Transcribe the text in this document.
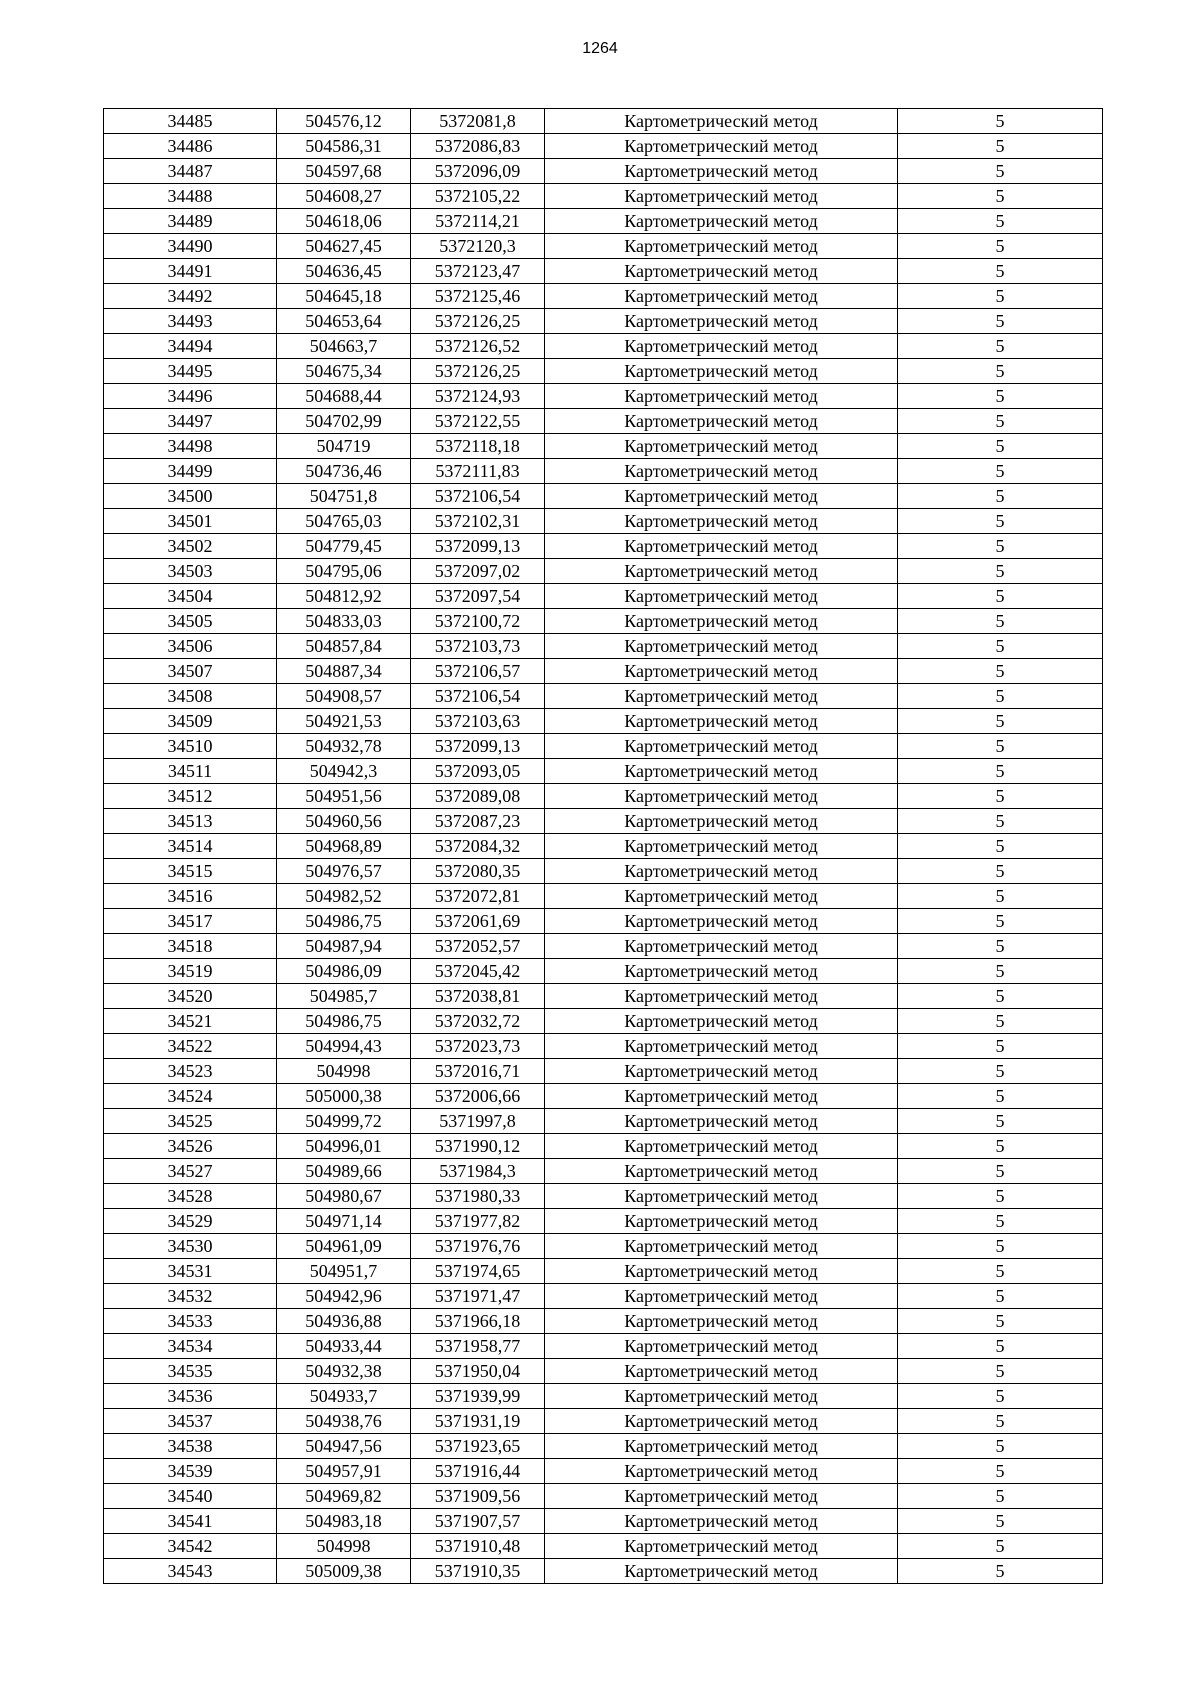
1264
34485	504576,12	5372081,8	Картометрический метод	5
34486	504586,31	5372086,83	Картометрический метод	5
34487	504597,68	5372096,09	Картометрический метод	5
34488	504608,27	5372105,22	Картометрический метод	5
34489	504618,06	5372114,21	Картометрический метод	5
34490	504627,45	5372120,3	Картометрический метод	5
34491	504636,45	5372123,47	Картометрический метод	5
34492	504645,18	5372125,46	Картометрический метод	5
34493	504653,64	5372126,25	Картометрический метод	5
34494	504663,7	5372126,52	Картометрический метод	5
34495	504675,34	5372126,25	Картометрический метод	5
34496	504688,44	5372124,93	Картометрический метод	5
34497	504702,99	5372122,55	Картометрический метод	5
34498	504719	5372118,18	Картометрический метод	5
34499	504736,46	5372111,83	Картометрический метод	5
34500	504751,8	5372106,54	Картометрический метод	5
34501	504765,03	5372102,31	Картометрический метод	5
34502	504779,45	5372099,13	Картометрический метод	5
34503	504795,06	5372097,02	Картометрический метод	5
34504	504812,92	5372097,54	Картометрический метод	5
34505	504833,03	5372100,72	Картометрический метод	5
34506	504857,84	5372103,73	Картометрический метод	5
34507	504887,34	5372106,57	Картометрический метод	5
34508	504908,57	5372106,54	Картометрический метод	5
34509	504921,53	5372103,63	Картометрический метод	5
34510	504932,78	5372099,13	Картометрический метод	5
34511	504942,3	5372093,05	Картометрический метод	5
34512	504951,56	5372089,08	Картометрический метод	5
34513	504960,56	5372087,23	Картометрический метод	5
34514	504968,89	5372084,32	Картометрический метод	5
34515	504976,57	5372080,35	Картометрический метод	5
34516	504982,52	5372072,81	Картометрический метод	5
34517	504986,75	5372061,69	Картометрический метод	5
34518	504987,94	5372052,57	Картометрический метод	5
34519	504986,09	5372045,42	Картометрический метод	5
34520	504985,7	5372038,81	Картометрический метод	5
34521	504986,75	5372032,72	Картометрический метод	5
34522	504994,43	5372023,73	Картометрический метод	5
34523	504998	5372016,71	Картометрический метод	5
34524	505000,38	5372006,66	Картометрический метод	5
34525	504999,72	5371997,8	Картометрический метод	5
34526	504996,01	5371990,12	Картометрический метод	5
34527	504989,66	5371984,3	Картометрический метод	5
34528	504980,67	5371980,33	Картометрический метод	5
34529	504971,14	5371977,82	Картометрический метод	5
34530	504961,09	5371976,76	Картометрический метод	5
34531	504951,7	5371974,65	Картометрический метод	5
34532	504942,96	5371971,47	Картометрический метод	5
34533	504936,88	5371966,18	Картометрический метод	5
34534	504933,44	5371958,77	Картометрический метод	5
34535	504932,38	5371950,04	Картометрический метод	5
34536	504933,7	5371939,99	Картометрический метод	5
34537	504938,76	5371931,19	Картометрический метод	5
34538	504947,56	5371923,65	Картометрический метод	5
34539	504957,91	5371916,44	Картометрический метод	5
34540	504969,82	5371909,56	Картометрический метод	5
34541	504983,18	5371907,57	Картометрический метод	5
34542	504998	5371910,48	Картометрический метод	5
34543	505009,38	5371910,35	Картометрический метод	5
